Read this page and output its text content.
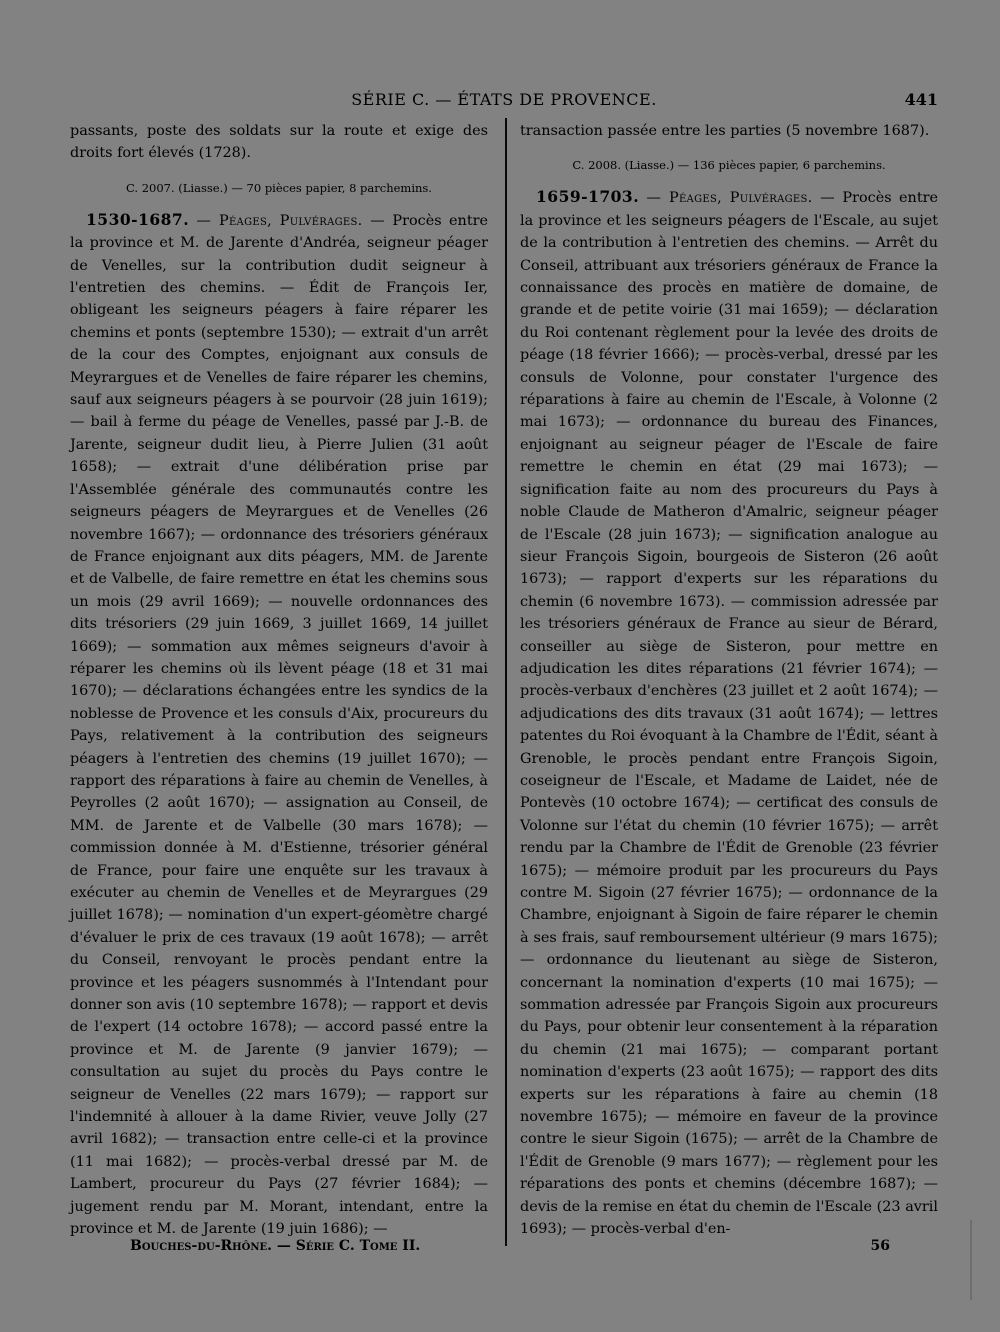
SÉRIE C. — ÉTATS DE PROVENCE.	441

passants, poste des soldats sur la route et exige des droits fort élevés (1728).

C. 2007. (Liasse.) — 70 pièces papier, 8 parchemins.

1530-1687. — Péages, Pulvérages. — Procès entre la province et M. de Jarente d'Andréa, seigneur péager de Venelles, sur la contribution dudit seigneur à l'entretien des chemins. — Édit de François Ier, obligeant les seigneurs péagers à faire réparer les chemins et ponts (septembre 1530); — extrait d'un arrêt de la cour des Comptes, enjoignant aux consuls de Meyrargues et de Venelles de faire réparer les chemins, sauf aux seigneurs péagers à se pourvoir (28 juin 1619); — bail à ferme du péage de Venelles, passé par J.-B. de Jarente, seigneur dudit lieu, à Pierre Julien (31 août 1658); — extrait d'une délibération prise par l'Assemblée générale des communautés contre les seigneurs péagers de Meyrargues et de Venelles (26 novembre 1667); — ordonnance des trésoriers généraux de France enjoignant aux dits péagers, MM. de Jarente et de Valbelle, de faire remettre en état les chemins sous un mois (29 avril 1669); — nouvelle ordonnances des dits trésoriers (29 juin 1669, 3 juillet 1669, 14 juillet 1669); — sommation aux mêmes seigneurs d'avoir à réparer les chemins où ils lèvent péage (18 et 31 mai 1670); — déclarations échangées entre les syndics de la noblesse de Provence et les consuls d'Aix, procureurs du Pays, relativement à la contribution des seigneurs péagers à l'entretien des chemins (19 juillet 1670); — rapport des réparations à faire au chemin de Venelles, à Peyrolles (2 août 1670); — assignation au Conseil, de MM. de Jarente et de Valbelle (30 mars 1678); — commission donnée à M. d'Estienne, trésorier général de France, pour faire une enquête sur les travaux à exécuter au chemin de Venelles et de Meyrargues (29 juillet 1678); — nomination d'un expert-géomètre chargé d'évaluer le prix de ces travaux (19 août 1678); — arrêt du Conseil, renvoyant le procès pendant entre la province et les péagers susnommés à l'Intendant pour donner son avis (10 septembre 1678); — rapport et devis de l'expert (14 octobre 1678); — accord passé entre la province et M. de Jarente (9 janvier 1679); — consultation au sujet du procès du Pays contre le seigneur de Venelles (22 mars 1679); — rapport sur l'indemnité à allouer à la dame Rivier, veuve Jolly (27 avril 1682); — transaction entre celle-ci et la province (11 mai 1682); — procès-verbal dressé par M. de Lambert, procureur du Pays (27 février 1684); — jugement rendu par M. Morant, intendant, entre la province et M. de Jarente (19 juin 1686); —

transaction passée entre les parties (5 novembre 1687).

C. 2008. (Liasse.) — 136 pièces papier, 6 parchemins.

1659-1703. — Péages, Pulvérages. — Procès entre la province et les seigneurs péagers de l'Escale, au sujet de la contribution à l'entretien des chemins. — Arrêt du Conseil, attribuant aux trésoriers généraux de France la connaissance des procès en matière de domaine, de grande et de petite voirie (31 mai 1659); — déclaration du Roi contenant règlement pour la levée des droits de péage (18 février 1666); — procès-verbal, dressé par les consuls de Volonne, pour constater l'urgence des réparations à faire au chemin de l'Escale, à Volonne (2 mai 1673); — ordonnance du bureau des Finances, enjoignant au seigneur péager de l'Escale de faire remettre le chemin en état (29 mai 1673); — signification faite au nom des procureurs du Pays à noble Claude de Matheron d'Amalric, seigneur péager de l'Escale (28 juin 1673); — signification analogue au sieur François Sigoin, bourgeois de Sisteron (26 août 1673); — rapport d'experts sur les réparations du chemin (6 novembre 1673). — commission adressée par les trésoriers généraux de France au sieur de Bérard, conseiller au siège de Sisteron, pour mettre en adjudication les dites réparations (21 février 1674); — procès-verbaux d'enchères (23 juillet et 2 août 1674); — adjudications des dits travaux (31 août 1674); — lettres patentes du Roi évoquant à la Chambre de l'Édit, séant à Grenoble, le procès pendant entre François Sigoin, coseigneur de l'Escale, et Madame de Laidet, née de Pontevès (10 octobre 1674); — certificat des consuls de Volonne sur l'état du chemin (10 février 1675); — arrêt rendu par la Chambre de l'Édit de Grenoble (23 février 1675); — mémoire produit par les procureurs du Pays contre M. Sigoin (27 février 1675); — ordonnance de la Chambre, enjoignant à Sigoin de faire réparer le chemin à ses frais, sauf remboursement ultérieur (9 mars 1675); — ordonnance du lieutenant au siège de Sisteron, concernant la nomination d'experts (10 mai 1675); — sommation adressée par François Sigoin aux procureurs du Pays, pour obtenir leur consentement à la réparation du chemin (21 mai 1675); — comparant portant nomination d'experts (23 août 1675); — rapport des dits experts sur les réparations à faire au chemin (18 novembre 1675); — mémoire en faveur de la province contre le sieur Sigoin (1675); — arrêt de la Chambre de l'Édit de Grenoble (9 mars 1677); — règlement pour les réparations des ponts et chemins (décembre 1687); — devis de la remise en état du chemin de l'Escale (23 avril 1693); — procès-verbal d'en-

Bouches-du-Rhône. — Série C. Tome II.	56
